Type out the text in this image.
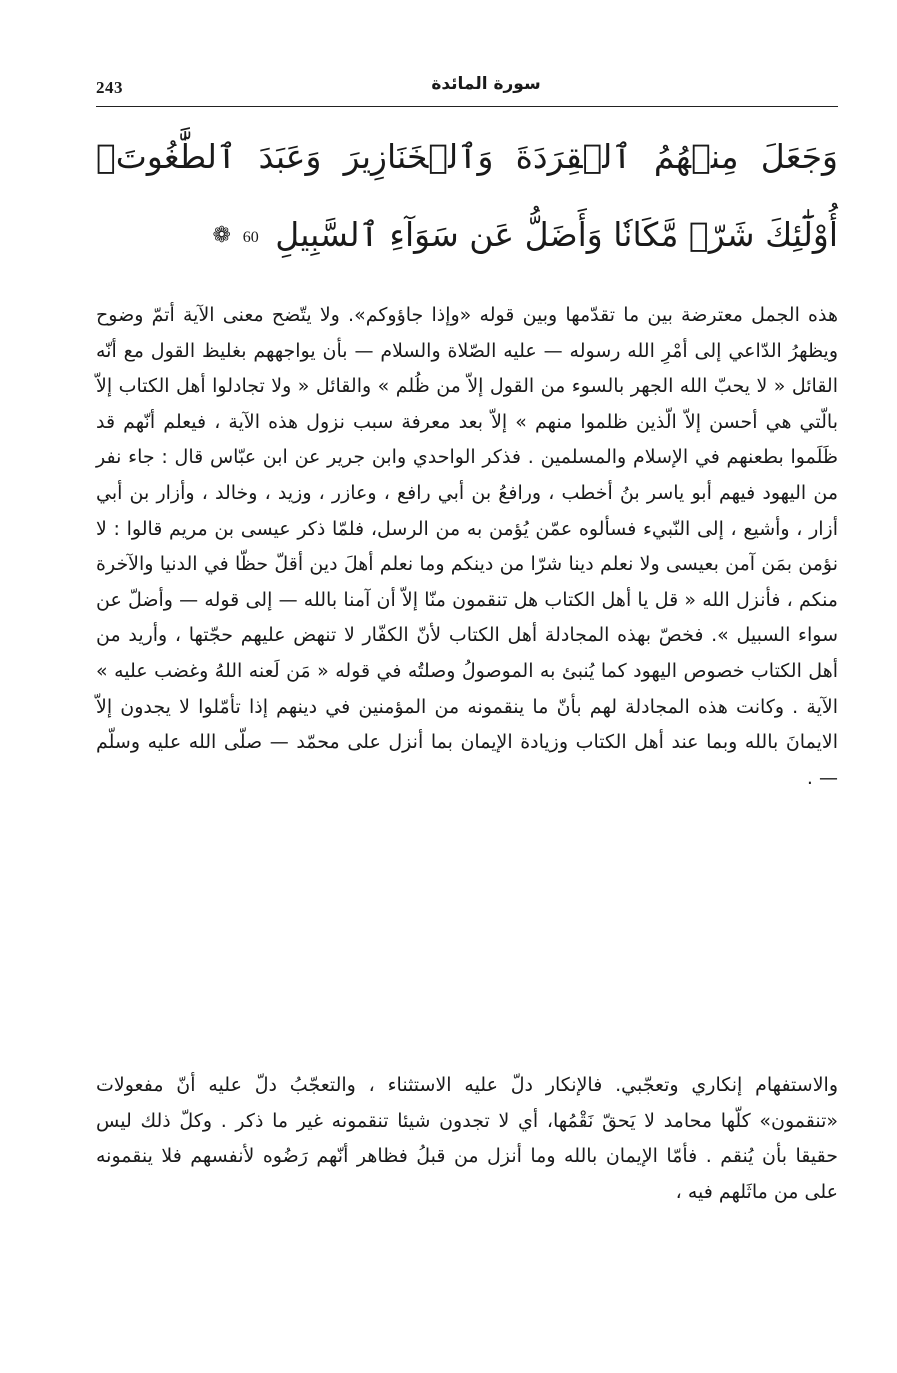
243	سورة المائدة
وَجَعَلَ مِنۡهُمُ ٱلۡقِرَدَةَ وَٱلۡخَنَازِيرَ وَعَبَدَ ٱلطَّٰغُوتَۚ أُوْلَٰٓئِكَ شَرّٞ مَّكَانٗا وَأَضَلُّ عَن سَوَآءِ ٱلسَّبِيلِ 60 ❁
هذه الجمل معترضة بين ما تقدّمها وبين قوله «وإذا جاؤوكم». ولا يتّضح معنى الآية أتمّ وضوح ويظهرُ الدّاعي إلى أمْرِ الله رسوله — عليه الصّلاة والسلام — بأن يواجههم بغليظ القول مع أنّه القائل « لا يحبّ الله الجهر بالسوء من القول إلاّ من ظُلم » والقائل « ولا تجادلوا أهل الكتاب إلاّ بالّتي هي أحسن إلاّ الّذين ظلموا منهم » إلاّ بعد معرفة سبب نزول هذه الآية ، فيعلم أنّهم قد ظَلَموا بطعنهم في الإسلام والمسلمين . فذكر الواحدي وابن جرير عن ابن عبّاس قال : جاء نفر من اليهود فيهم أبو ياسر بنُ أخطب ، ورافعُ بن أبي رافع ، وعازر ، وزيد ، وخالد ، وأزار بن أبي أزار ، وأشيع ، إلى النّبيء فسألوه عمّن يُؤمن به من الرسل، فلمّا ذكر عيسى بن مريم قالوا : لا نؤمن بمَن آمن بعيسى ولا نعلم دينا شرّا من دينكم وما نعلم أهلَ دين أقلّ حظّا في الدنيا والآخرة منكم ، فأنزل الله « قل يا أهل الكتاب هل تنقمون منّا إلاّ أن آمنا بالله — إلى قوله — وأضلّ عن سواء السبيل ». فخصّ بهذه المجادلة أهل الكتاب لأنّ الكفّار لا تنهض عليهم حجّتها ، وأريد من أهل الكتاب خصوص اليهود كما يُنبئ به الموصولُ وصلتُه في قوله « مَن لَعنه اللهُ وغضب عليه » الآية . وكانت هذه المجادلة لهم بأنّ ما ينقمونه من المؤمنين في دينهم إذا تأمّلوا لا يجدون إلاّ الايمانَ بالله وبما عند أهل الكتاب وزيادة الإيمان بما أنزل على محمّد — صلّى الله عليه وسلّم — .
والاستفهام إنكاري وتعجّبي. فالإنكار دلّ عليه الاستثناء ، والتعجّبُ دلّ عليه أنّ مفعولات «تنقمون» كلّها محامد لا يَحقّ نَقْمُها، أي لا تجدون شيئا تنقمونه غير ما ذكر . وكلّ ذلك ليس حقيقا بأن يُنقم . فأمّا الإيمان بالله وما أنزل من قبلُ فظاهر أنّهم رَضُوه لأنفسهم فلا ينقمونه على من ماثَلهم فيه ،
